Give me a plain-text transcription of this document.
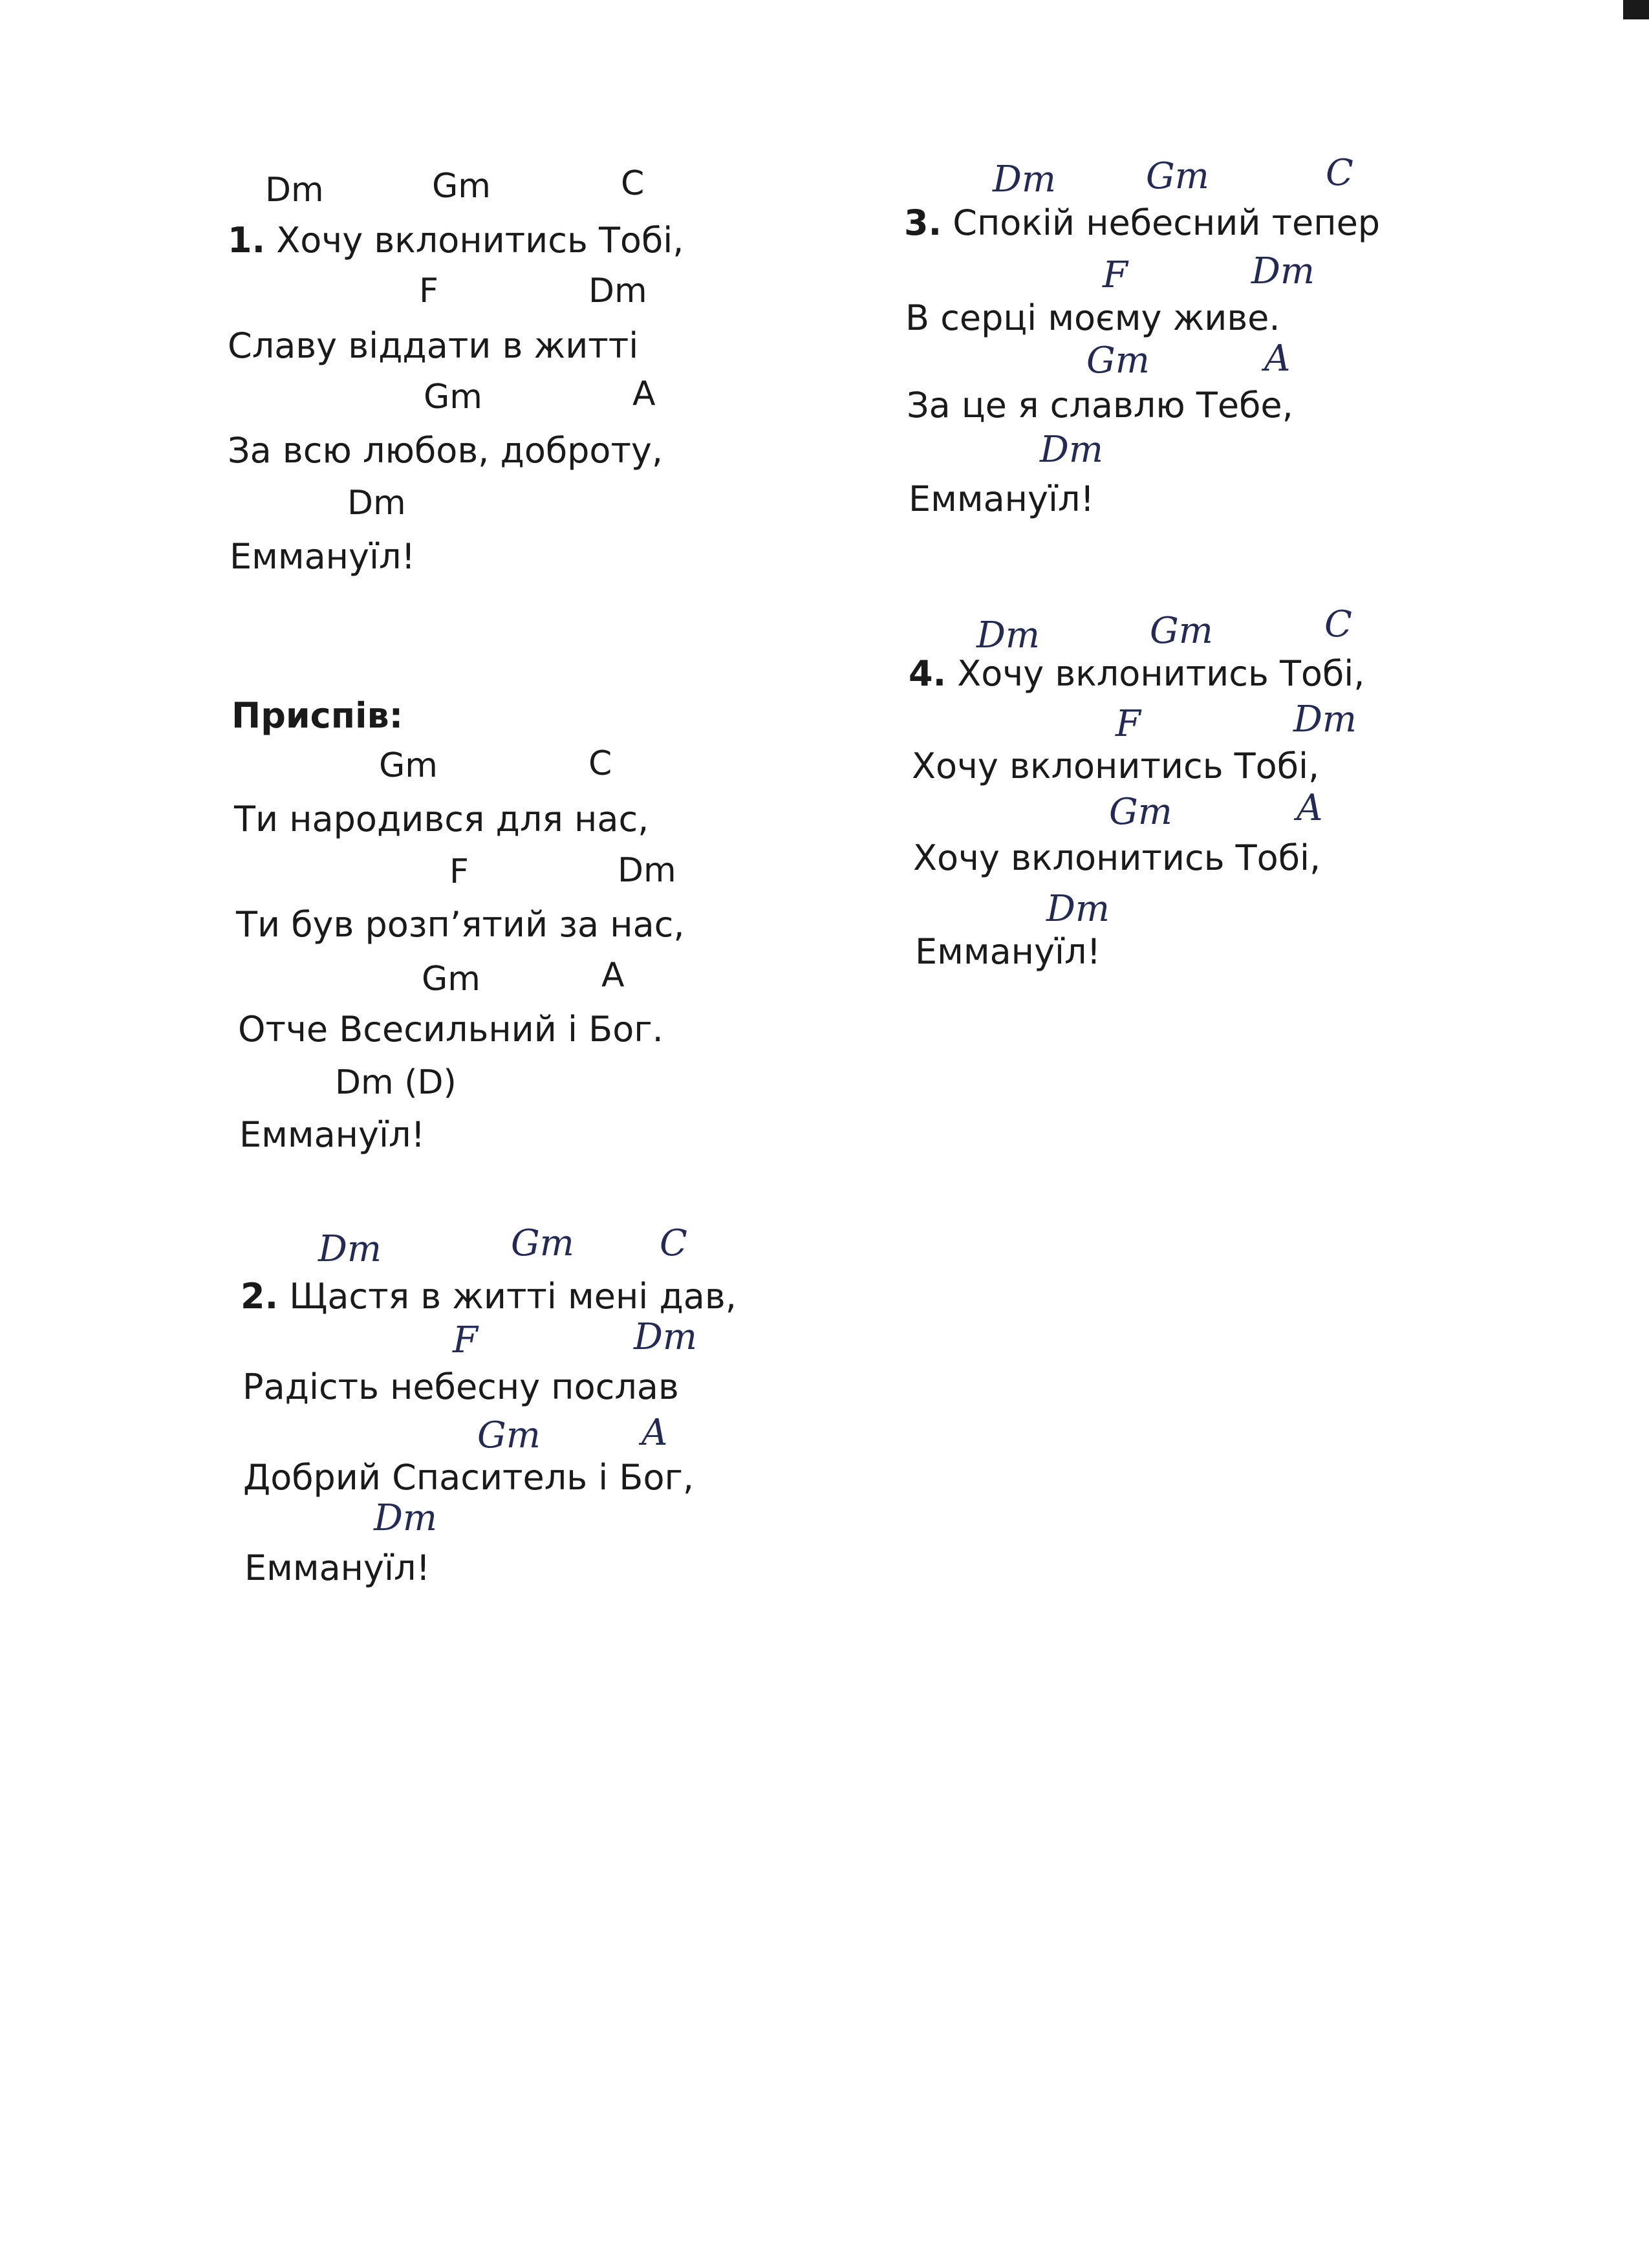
Dm	Gm	C
1. Хочу вклонитись Тобі,
F	Dm
Славу віддати в житті
Gm	A
За всю любов, доброту,
Dm
Еммануїл!
Приспів:
Gm	C
Ти народився для нас,
F	Dm
Ти був розп’ятий за нас,
Gm	A
Отче Всесильний і Бог.
Dm (D)
Еммануїл!
Dm	Gm C
2. Щастя в житті мені дав,
F	Dm
Радість небесну послав
Gm	A
Добрий Спаситель і Бог,
Dm
Еммануїл!
Dm Gm	C
3. Спокій небесний тепер
F	Dm
В серці моєму живе.
Gm	A
За це я славлю Тебе,
Dm
Еммануїл!
Dm	Gm	C
4. Хочу вклонитись Тобі,
F	Dm
Хочу вклонитись Тобі,
Gm	A
Хочу вклонитись Тобі,
Dm
Еммануїл!
